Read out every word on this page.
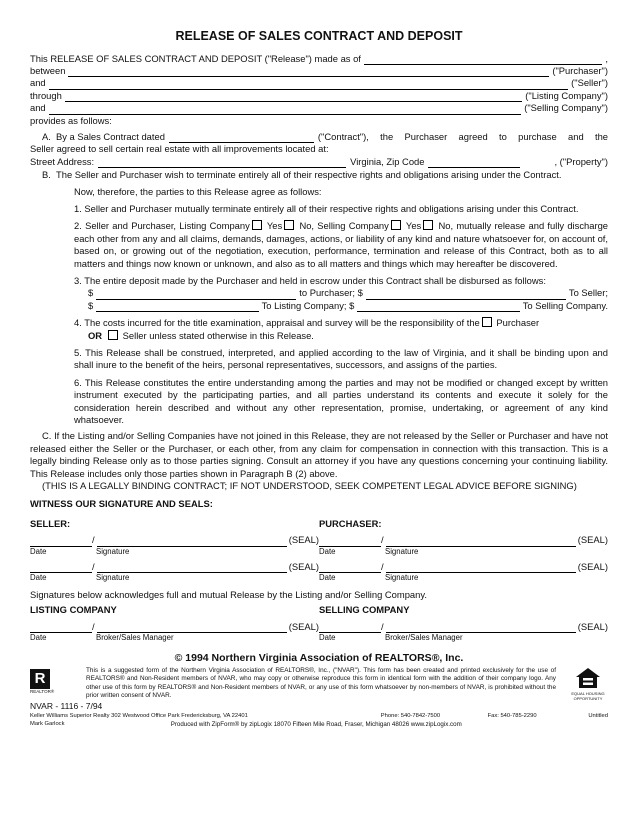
RELEASE OF SALES CONTRACT AND DEPOSIT
This RELEASE OF SALES CONTRACT AND DEPOSIT ("Release") made as of	,
between	("Purchaser")
and	("Seller")
through	("Listing Company")
and	("Selling Company")
provides as follows:
A. By a Sales Contract dated	("Contract"), the Purchaser agreed to purchase and the
Seller agreed to sell certain real estate with all improvements located at:
Street Address:	Virginia, Zip Code	, ("Property")
B. The Seller and Purchaser wish to terminate entirely all of their respective rights and obligations arising under the Contract.
Now, therefore, the parties to this Release agree as follows:
1. Seller and Purchaser mutually terminate entirely all of their respective rights and obligations arising under this Contract.
2. Seller and Purchaser, Listing Company Yes No, Selling Company Yes No, mutually release and fully discharge each other from any and all claims, demands, damages, actions, or liability of any kind and nature whatsoever for, on account of, based on, or growing out of the negotiation, execution, performance, termination and release of this Contract, both as to all matters and things now known or unknown, and also as to all matters and things which may hereafter be discovered.
3. The entire deposit made by the Purchaser and held in escrow under this Contract shall be disbursed as follows:
$	to Purchaser; $	To Seller;
$	To Listing Company; $	To Selling Company.
4. The costs incurred for the title examination, appraisal and survey will be the responsibility of the Purchaser
OR Seller unless stated otherwise in this Release.
5. This Release shall be construed, interpreted, and applied according to the law of Virginia, and it shall be binding upon and shall inure to the benefit of the heirs, personal representatives, successors, and assigns of the parties.
6. This Release constitutes the entire understanding among the parties and may not be modified or changed except by written instrument executed by the participating parties, and all parties understand its contents and execute it solely for the consideration herein described and without any other representation, promise, undertaking, or agreement of any kind whatsoever.
C. If the Listing and/or Selling Companies have not joined in this Release, they are not released by the Seller or Purchaser and have not released either the Seller or the Purchaser, or each other, from any claim for compensation in connection with this transaction. This is a legally binding Release only as to those parties signing. Consult an attorney if you have any questions concerning your continuing liability. This Release includes only those parties shown in Paragraph B (2) above.
(THIS IS A LEGALLY BINDING CONTRACT; IF NOT UNDERSTOOD, SEEK COMPETENT LEGAL ADVICE BEFORE SIGNING)
WITNESS OUR SIGNATURE AND SEALS:
SELLER:
/	(SEAL)
Date	Signature
/	(SEAL)
Date	Signature
PURCHASER:
/	(SEAL)
Date	Signature
/	(SEAL)
Date	Signature
Signatures below acknowledges full and mutual Release by the Listing and/or Selling Company.
LISTING COMPANY
/	(SEAL)
Date	Broker/Sales Manager
SELLING COMPANY
/	(SEAL)
Date	Broker/Sales Manager
© 1994 Northern Virginia Association of REALTORS®, Inc.
R
REALTOR®
This is a suggested form of the Northern Virginia Association of REALTORS®, Inc., ("NVAR"). This form has been created and printed exclusively for the use of REALTORS® and Non-Resident members of NVAR, who may copy or otherwise reproduce this form in identical form with the addition of their company logo. Any other use of this form by REALTORS® and Non-Resident members of NVAR, or any use of this form whatsoever by non-members of NVAR, is prohibited without the prior written consent of NVAR.	EQUAL HOUSING OPPORTUNITY
NVAR - 1116 - 7/94
Keller Williams Superior Realty 302 Westwood Office Park Fredericksburg, VA 22401	Phone: 540-7842-7500	Fax: 540-785-2290	Untitled
Mark Garlock	Produced with ZipForm® by zipLogix 18070 Fifteen Mile Road, Fraser, Michigan 48026 www.zipLogix.com
